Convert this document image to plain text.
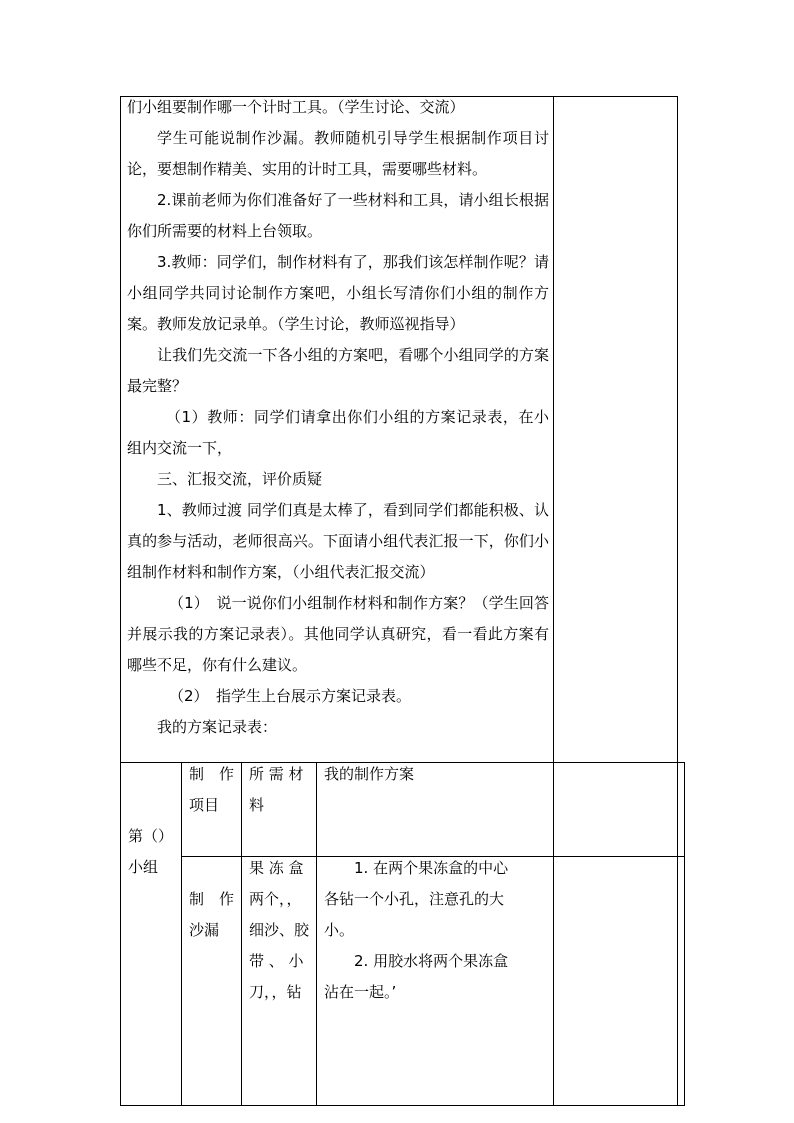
们小组要制作哪一个计时工具。（学生讨论、交流）

学生可能说制作沙漏。教师随机引导学生根据制作项目讨论，要想制作精美、实用的计时工具，需要哪些材料。

2.课前老师为你们准备好了一些材料和工具，请小组长根据你们所需要的材料上台领取。

3.教师：同学们，制作材料有了，那我们该怎样制作呢？请小组同学共同讨论制作方案吧，小组长写清你们小组的制作方案。教师发放记录单。（学生讨论，教师巡视指导）

让我们先交流一下各小组的方案吧，看哪个小组同学的方案最完整？

（1）教师：同学们请拿出你们小组的方案记录表，在小组内交流一下，

三、汇报交流，评价质疑

1、教师过渡 同学们真是太棒了，看到同学们都能积极、认真的参与活动，老师很高兴。下面请小组代表汇报一下，你们小组制作材料和制作方案，（小组代表汇报交流）

（1）　说一说你们小组制作材料和制作方案？（学生回答并展示我的方案记录表）。其他同学认真研究，看一看此方案有哪些不足，你有什么建议。

（2）　指学生上台展示方案记录表。

我的方案记录表：

第（）
小组
制　作
项目
所 需 材
料
我的制作方案
制　作
沙漏
果 冻 盒
两个，，
细沙、胶
带 、 小
刀，，钻
　　1. 在两个果冻盒的中心
各钻一个小孔，注意孔的大
小。
　　2. 用胶水将两个果冻盒
沾在一起。’
